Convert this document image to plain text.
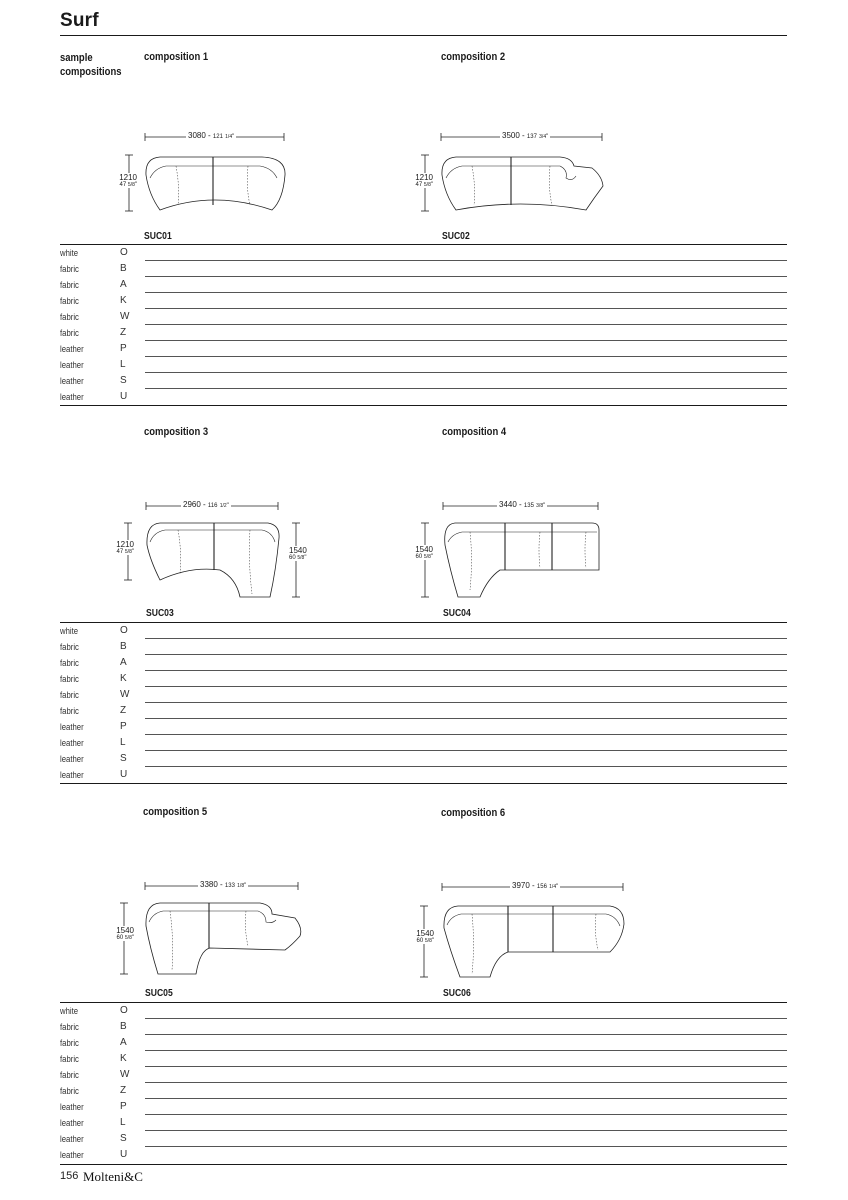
Surf
sample
compositions
composition 1	composition 2
3080 - 121 1/4"
1210
47 5/8"
3500 - 137 3/4"
1210
47 5/8"
SUC01	SUC02
white	O
fabric	B
fabric	A
fabric	K
fabric	W
fabric	Z
leather	P
leather	L
leather	S
leather	U
composition 3	composition 4
2960 - 116 1/2"
1210
47 5/8"	1540
60 5/8"
3440 - 135 3/8"
1540
60 5/8"
SUC03	SUC04
white	O
fabric	B
fabric	A
fabric	K
fabric	W
fabric	Z
leather	P
leather	L
leather	S
leather	U
composition 5	composition 6
3380 - 133 1/8"
1540
60 5/8"
3970 - 156 1/4"
1540
60 5/8"
SUC05	SUC06
white	O
fabric	B
fabric	A
fabric	K
fabric	W
fabric	Z
leather	P
leather	L
leather	S
leather	U
156 Molteni&C
